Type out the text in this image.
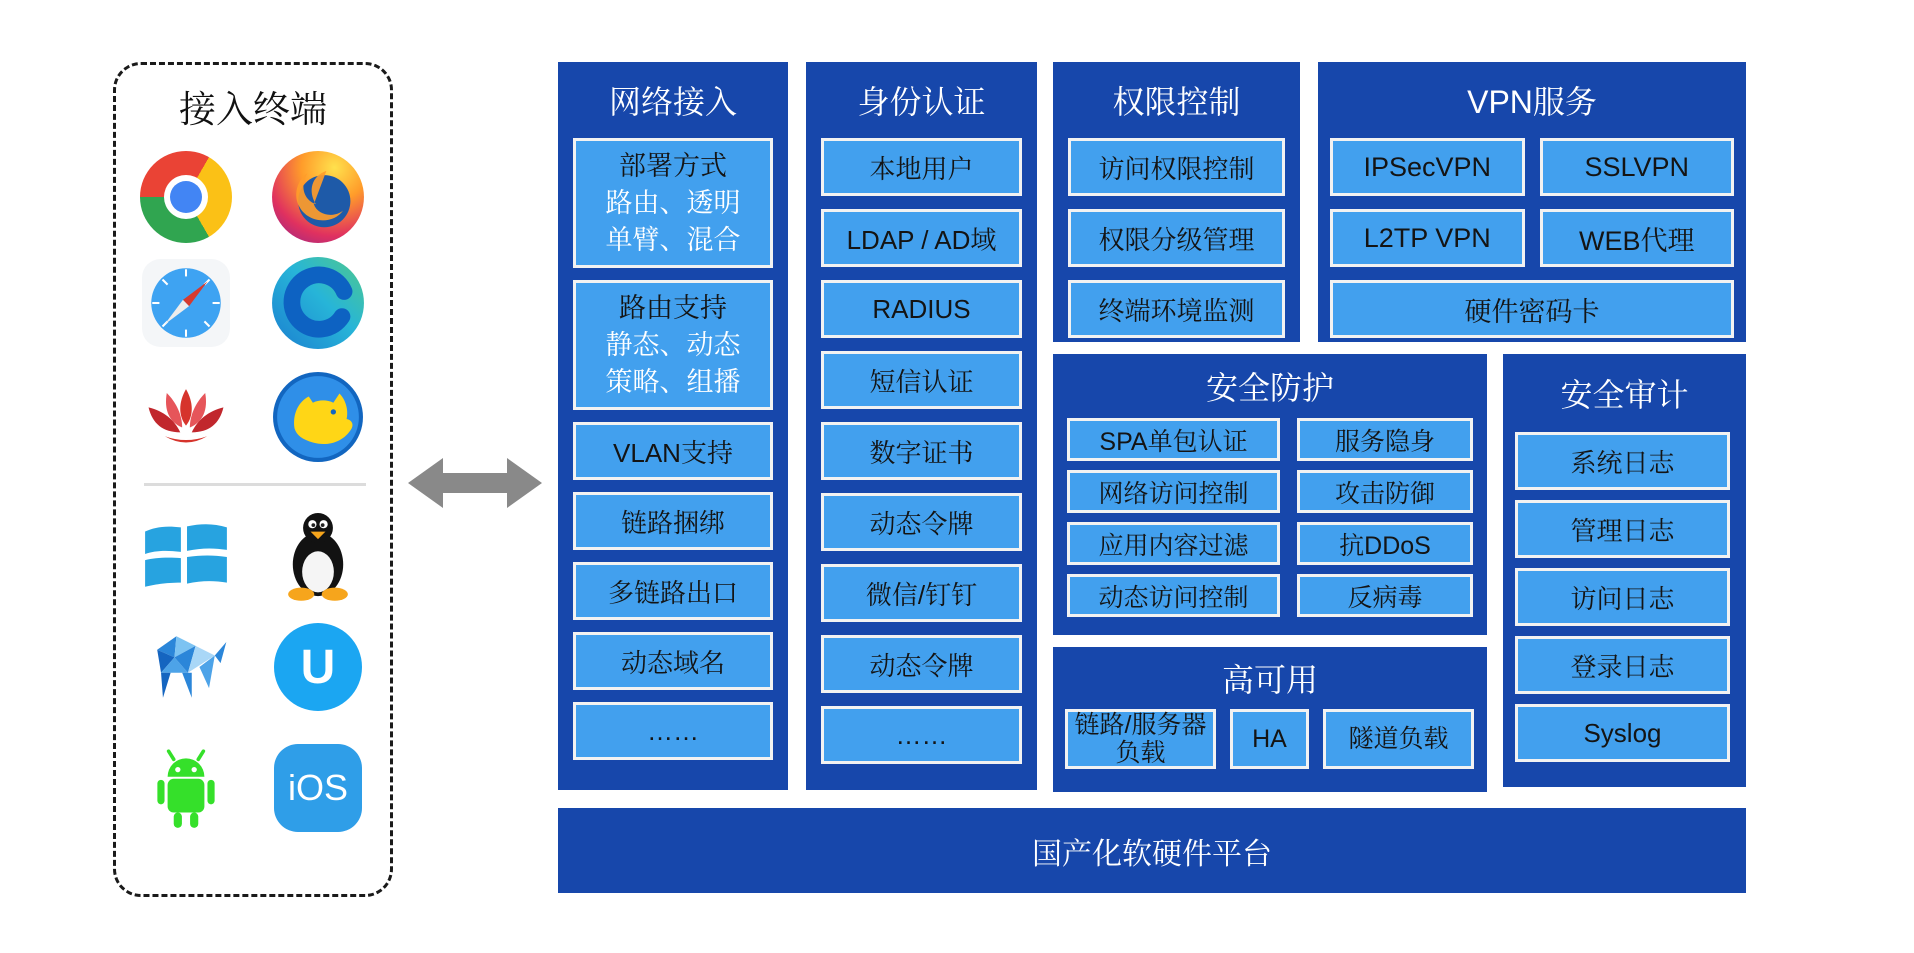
接入终端
U
iOS
网络接入
部署方式
路由、透明
单臂、混合
路由支持
静态、动态
策略、组播
VLAN支持
链路捆绑
多链路出口
动态域名
……
身份认证
本地用户
LDAP / AD域
RADIUS
短信认证
数字证书
动态令牌
微信/钉钉
动态令牌
……
权限控制
访问权限控制
权限分级管理
终端环境监测
VPN服务
IPSecVPN	SSLVPN
L2TP VPN	WEB代理
硬件密码卡
安全防护
SPA单包认证	服务隐身
网络访问控制	攻击防御
应用内容过滤	抗DDoS
动态访问控制	反病毒
高可用
链路/服务器负载	HA	隧道负载
安全审计
系统日志
管理日志
访问日志
登录日志
Syslog
国产化软硬件平台
